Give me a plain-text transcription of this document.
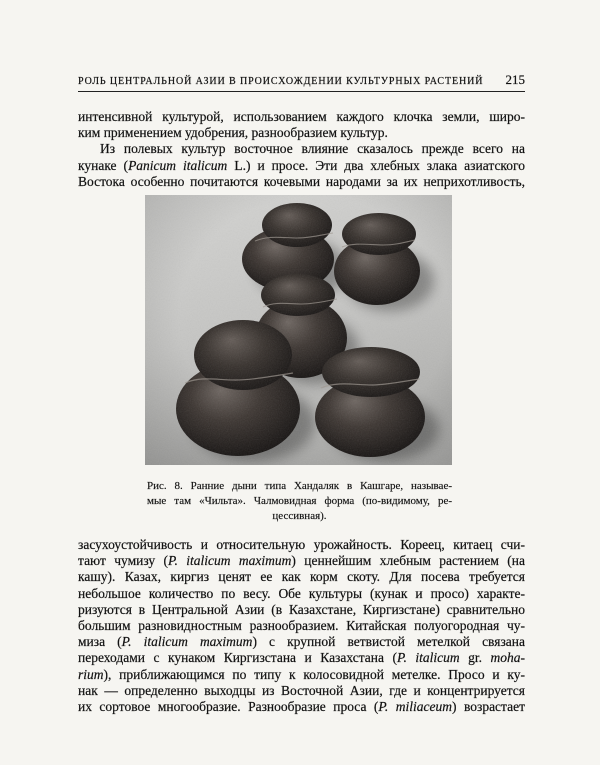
РОЛЬ ЦЕНТРАЛЬНОЙ АЗИИ В ПРОИСХОЖДЕНИИ КУЛЬТУРНЫХ РАСТЕНИЙ 215
интенсивной культурой, использованием каждого клочка земли, широ-
ким применением удобрения, разнообразием культур.
Из полевых культур восточное влияние сказалось прежде всего на
кунаке (Panicum italicum L.) и просе. Эти два хлебных злака азиатского
Востока особенно почитаются кочевыми народами за их неприхотливость,
Рис. 8. Ранние дыни типа Хандаляк в Кашгаре, называе-
мые там «Чильта». Чалмовидная форма (по-видимому, ре-
цессивная).
засухоустойчивость и относительную урожайность. Кореец, китаец счи-
тают чумизу (P. italicum maximum) ценнейшим хлебным растением (на
кашу). Казах, киргиз ценят ее как корм скоту. Для посева требуется
небольшое количество по весу. Обе культуры (кунак и просо) характе-
ризуются в Центральной Азии (в Казахстане, Киргизстане) сравнительно
большим разновидностным разнообразием. Китайская полуогородная чу-
миза (P. italicum maximum) с крупной ветвистой метелкой связана
переходами с кунаком Киргизстана и Казахстана (P. italicum gr. moha-
rium), приближающимся по типу к колосовидной метелке. Просо и ку-
нак — определенно выходцы из Восточной Азии, где и концентрируется
их сортовое многообразие. Разнообразие проса (P. miliaceum) возрастает
